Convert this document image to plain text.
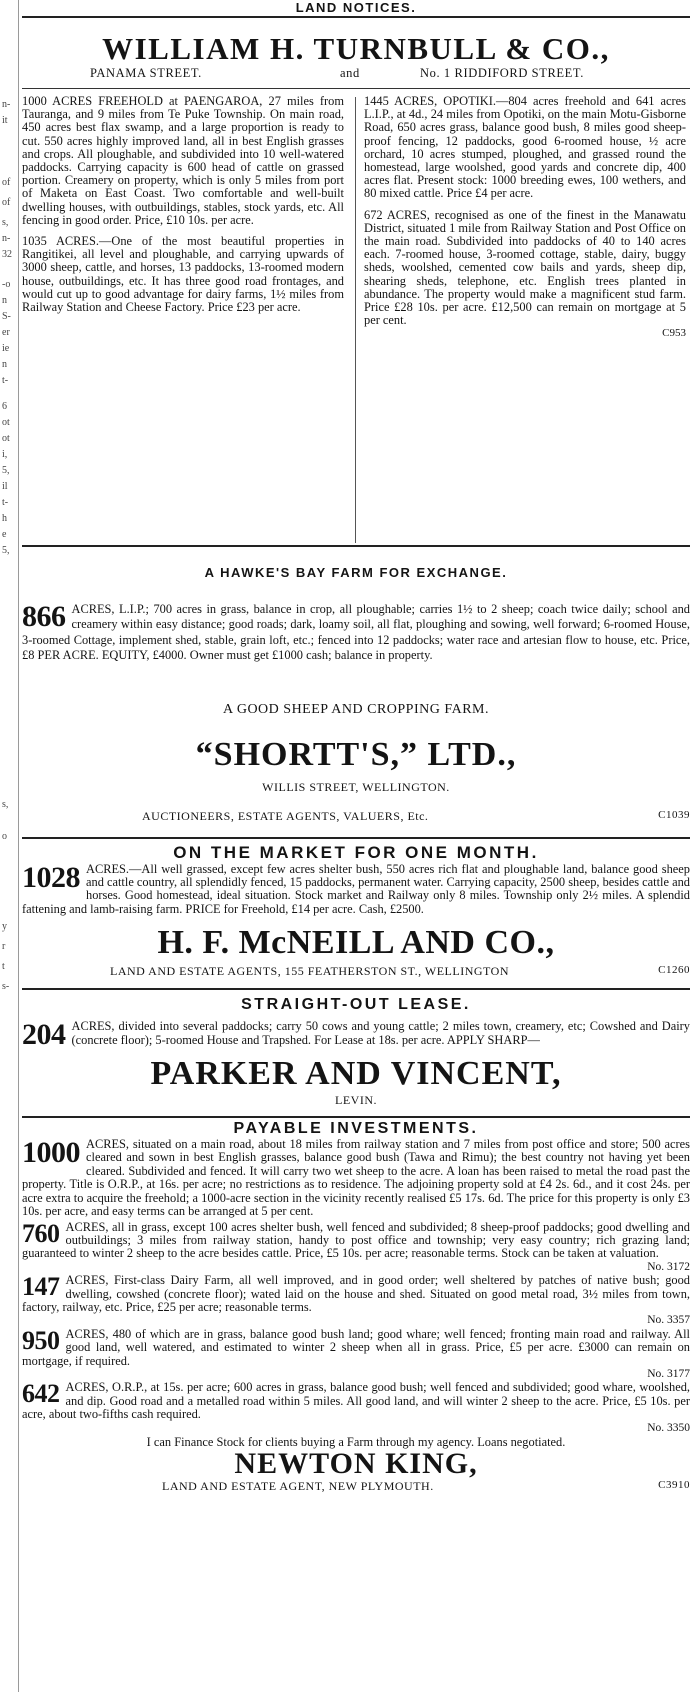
n-
it
of
of
s,
n-
32
-o
n
S-
er
ie
n
t-
6
ot
ot
i,
5,
il
t-
h
e
5,
s,
o
y
r
t
s-
LAND NOTICES.
WILLIAM H. TURNBULL & CO.,
PANAMA STREET.	and	No. 1 RIDDIFORD STREET.

1000 ACRES FREEHOLD at PAENGAROA, 27 miles from Tauranga, and 9 miles from Te Puke Township. On main road, 450 acres best flax swamp, and a large proportion is ready to cut. 550 acres highly improved land, all in best English grasses and crops. All ploughable, and subdivided into 10 well-watered paddocks. Carrying capacity is 600 head of cattle on grassed portion. Creamery on property, which is only 5 miles from port of Maketa on East Coast. Two comfortable and well-built dwelling houses, with outbuildings, stables, stock yards, etc. All fencing in good order. Price, £10 10s. per acre.

1035 ACRES.—One of the most beautiful properties in Rangitikei, all level and ploughable, and carrying upwards of 3000 sheep, cattle, and horses, 13 paddocks, 13-roomed modern house, outbuildings, etc. It has three good road frontages, and would cut up to good advantage for dairy farms, 1½ miles from Railway Station and Cheese Factory. Price £23 per acre.

1445 ACRES, OPOTIKI.—804 acres freehold and 641 acres L.I.P., at 4d., 24 miles from Opotiki, on the main Motu-Gisborne Road, 650 acres grass, balance good bush, 8 miles good sheep-proof fencing, 12 paddocks, good 6-roomed house, ½ acre orchard, 10 acres stumped, ploughed, and grassed round the homestead, large woolshed, good yards and concrete dip, 400 acres flat. Present stock: 1000 breeding ewes, 100 wethers, and 80 mixed cattle. Price £4 per acre.

672 ACRES, recognised as one of the finest in the Manawatu District, situated 1 mile from Railway Station and Post Office on the main road. Subdivided into paddocks of 40 to 140 acres each. 7-roomed house, 3-roomed cottage, stable, dairy, buggy sheds, woolshed, cemented cow bails and yards, sheep dip, shearing sheds, telephone, etc. English trees planted in abundance. The property would make a magnificent stud farm. Price £28 10s. per acre. £12,500 can remain on mortgage at 5 per cent.

C953
A HAWKE'S BAY FARM FOR EXCHANGE.
866 ACRES, L.I.P.; 700 acres in grass, balance in crop, all ploughable; carries 1½ to 2 sheep; coach twice daily; school and creamery within easy distance; good roads; dark, loamy soil, all flat, ploughing and sowing, well forward; 6-roomed House, 3-roomed Cottage, implement shed, stable, grain loft, etc.; fenced into 12 paddocks; water race and artesian flow to house, etc. Price, £8 PER ACRE. EQUITY, £4000. Owner must get £1000 cash; balance in property.
A GOOD SHEEP AND CROPPING FARM.
“SHORTT'S,” LTD.,
WILLIS STREET, WELLINGTON.
AUCTIONEERS, ESTATE AGENTS, VALUERS, Etc.	C1039
ON THE MARKET FOR ONE MONTH.
1028 ACRES.—All well grassed, except few acres shelter bush, 550 acres rich flat and ploughable land, balance good sheep and cattle country, all splendidly fenced, 15 paddocks, permanent water. Carrying capacity, 2500 sheep, besides cattle and horses. Good homestead, ideal situation. Stock market and Railway only 8 miles. Township only 2½ miles. A splendid fattening and lamb-raising farm. PRICE for Freehold, £14 per acre. Cash, £2500.
H. F. McNEILL AND CO.,
LAND AND ESTATE AGENTS, 155 FEATHERSTON ST., WELLINGTON	C1260
STRAIGHT-OUT LEASE.
204 ACRES, divided into several paddocks; carry 50 cows and young cattle; 2 miles town, creamery, etc; Cowshed and Dairy (concrete floor); 5-roomed House and Trapshed. For Lease at 18s. per acre. APPLY SHARP—
PARKER AND VINCENT,
LEVIN.
PAYABLE INVESTMENTS.
1000 ACRES, situated on a main road, about 18 miles from railway station and 7 miles from post office and store; 500 acres cleared and sown in best English grasses, balance good bush (Tawa and Rimu); the best country not having yet been cleared. Subdivided and fenced. It will carry two wet sheep to the acre. A loan has been raised to metal the road past the property. Title is O.R.P., at 16s. per acre; no restrictions as to residence. The adjoining property sold at £4 2s. 6d., and it cost 24s. per acre extra to acquire the freehold; a 1000-acre section in the vicinity recently realised £5 17s. 6d. The price for this property is only £3 10s. per acre, and easy terms can be arranged at 5 per cent.
760 ACRES, all in grass, except 100 acres shelter bush, well fenced and subdivided; 8 sheep-proof paddocks; good dwelling and outbuildings; 3 miles from railway station, handy to post office and township; very easy country; rich grazing land; guaranteed to winter 2 sheep to the acre besides cattle. Price, £5 10s. per acre; reasonable terms. Stock can be taken at valuation.
No. 3172
147 ACRES, First-class Dairy Farm, all well improved, and in good order; well sheltered by patches of native bush; good dwelling, cowshed (concrete floor); wated laid on the house and shed. Situated on good metal road, 3½ miles from town, factory, railway, etc. Price, £25 per acre; reasonable terms.
No. 3357
950 ACRES, 480 of which are in grass, balance good bush land; good whare; well fenced; fronting main road and railway. All good land, well watered, and estimated to winter 2 sheep when all in grass. Price, £5 per acre. £3000 can remain on mortgage, if required.
No. 3177
642 ACRES, O.R.P., at 15s. per acre; 600 acres in grass, balance good bush; well fenced and subdivided; good whare, woolshed, and dip. Good road and a metalled road within 5 miles. All good land, and will winter 2 sheep to the acre. Price, £5 10s. per acre, about two-fifths cash required.
No. 3350
I can Finance Stock for clients buying a Farm through my agency. Loans negotiated.
NEWTON KING,
LAND AND ESTATE AGENT, NEW PLYMOUTH.	C3910
